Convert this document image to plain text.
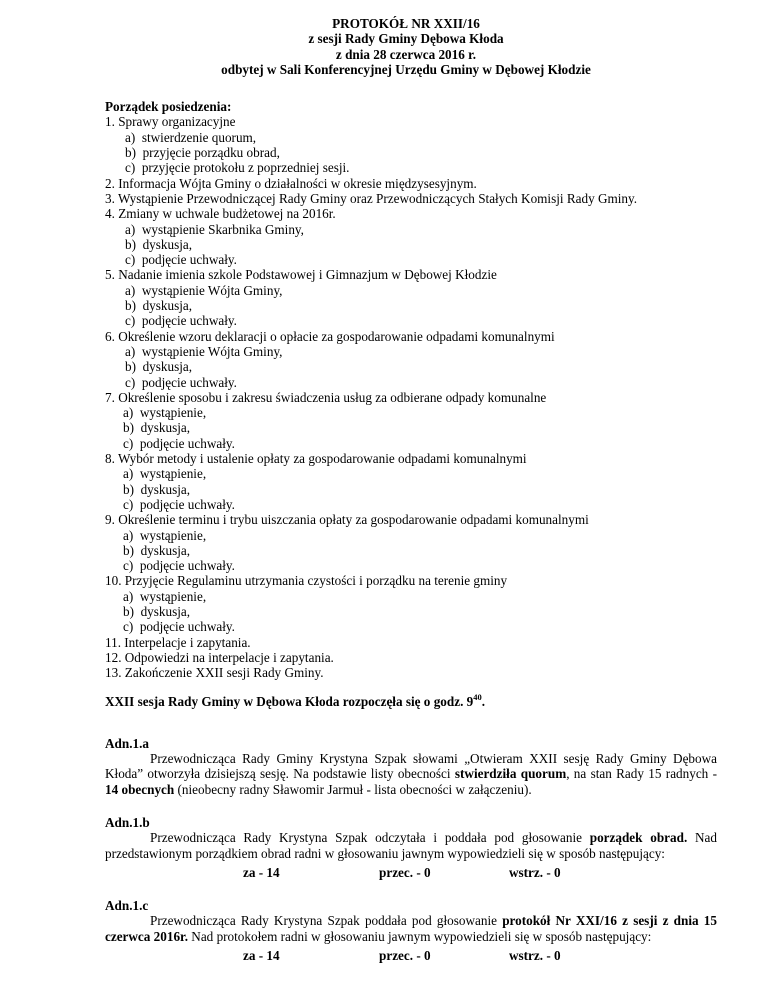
PROTOKÓŁ NR XXII/16
z sesji Rady Gminy Dębowa Kłoda
z dnia 28 czerwca 2016 r.
odbytej w Sali Konferencyjnej Urzędu Gminy w Dębowej Kłodzie
Porządek posiedzenia:
1. Sprawy organizacyjne
a)  stwierdzenie quorum,
b)  przyjęcie porządku obrad,
c)  przyjęcie protokołu z poprzedniej sesji.
2. Informacja Wójta Gminy o działalności w okresie międzysesyjnym.
3. Wystąpienie Przewodniczącej Rady Gminy oraz Przewodniczących Stałych Komisji Rady Gminy.
4. Zmiany w uchwale budżetowej na 2016r.
a)  wystąpienie Skarbnika Gminy,
b)  dyskusja,
c)  podjęcie uchwały.
5. Nadanie imienia szkole Podstawowej i Gimnazjum w Dębowej Kłodzie
a)  wystąpienie Wójta Gminy,
b)  dyskusja,
c)  podjęcie uchwały.
6. Określenie wzoru deklaracji o opłacie za gospodarowanie odpadami komunalnymi
a)  wystąpienie Wójta Gminy,
b)  dyskusja,
c)  podjęcie uchwały.
7. Określenie sposobu i zakresu świadczenia usług za odbierane odpady komunalne
a)  wystąpienie,
b)  dyskusja,
c)  podjęcie uchwały.
8. Wybór metody i ustalenie opłaty za gospodarowanie odpadami komunalnymi
a)  wystąpienie,
b)  dyskusja,
c)  podjęcie uchwały.
9. Określenie terminu i trybu uiszczania opłaty za gospodarowanie odpadami komunalnymi
a)  wystąpienie,
b)  dyskusja,
c)  podjęcie uchwały.
10. Przyjęcie Regulaminu utrzymania czystości i porządku na terenie gminy
a)  wystąpienie,
b)  dyskusja,
c)  podjęcie uchwały.
11. Interpelacje i zapytania.
12. Odpowiedzi na interpelacje i zapytania.
13. Zakończenie XXII sesji Rady Gminy.
XXII sesja Rady Gminy w Dębowa Kłoda rozpoczęła się o godz. $9^{40}$.
Adn.1.a
Przewodnicząca Rady Gminy Krystyna Szpak słowami „Otwieram XXII sesję Rady Gminy Dębowa Kłoda” otworzyła dzisiejszą sesję. Na podstawie listy obecności stwierdziła quorum, na stan Rady 15 radnych - 14 obecnych (nieobecny radny Sławomir Jarmuł - lista obecności w załączeniu).
Adn.1.b
Przewodnicząca Rady Krystyna Szpak odczytała i poddała pod głosowanie porządek obrad. Nad przedstawionym porządkiem obrad radni w głosowaniu jawnym wypowiedzieli się w sposób następujący:
za - 14	przec. - 0	wstrz. - 0
Adn.1.c
Przewodnicząca Rady Krystyna Szpak poddała pod głosowanie protokół Nr XXI/16 z sesji z dnia 15 czerwca 2016r. Nad protokołem radni w głosowaniu jawnym wypowiedzieli się w sposób następujący:
za - 14	przec. - 0	wstrz. - 0
